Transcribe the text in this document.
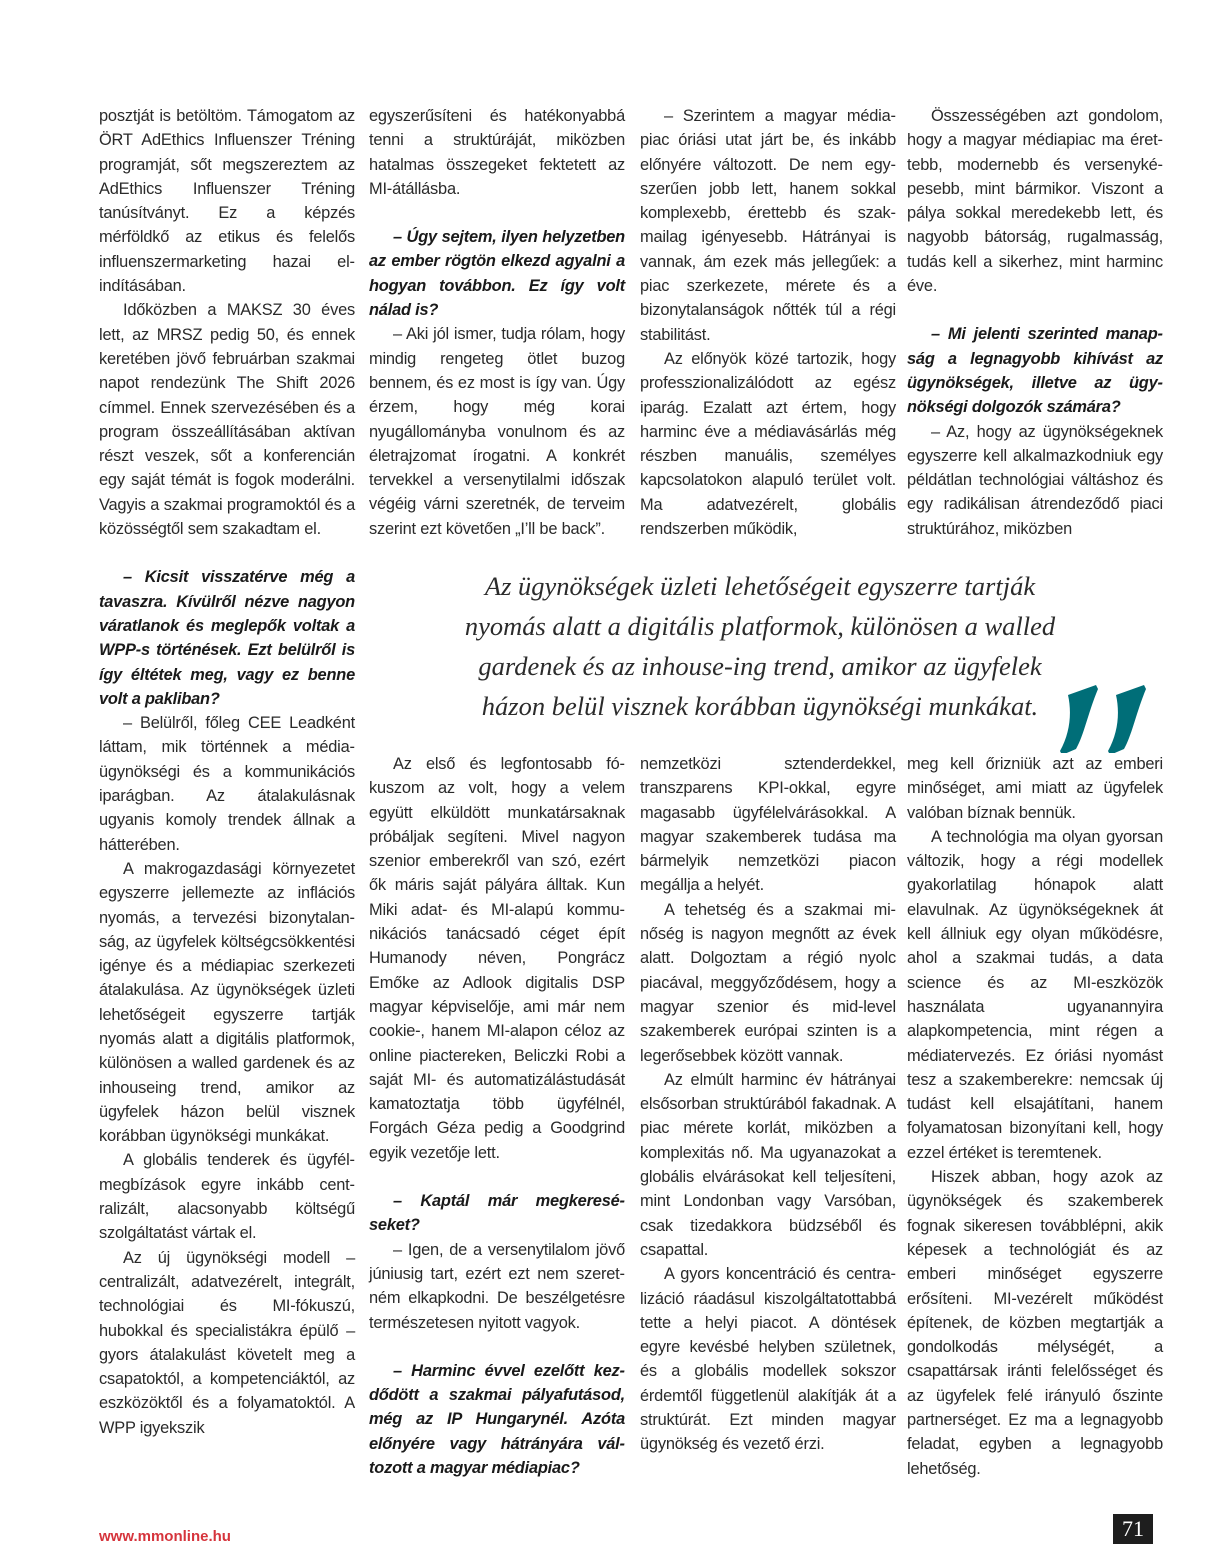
posztját is betöltöm. Támogatom az ÖRT AdEthics Influenszer Tréning programját, sőt megszereztem az AdEthics Influenszer Tréning tanúsítványt. Ez a képzés mérföldkő az etikus és felelős influenszermarketing hazai elindításában.

Időközben a MAKSZ 30 éves lett, az MRSZ pedig 50, és ennek keretében jövő februárban szakmai napot rendezünk The Shift 2026 címmel. Ennek szervezésében és a program összeállításában aktívan részt veszek, sőt a konferencián egy saját témát is fogok moderálni. Vagyis a szakmai programoktól és a közösségtől sem szakadtam el.

– Kicsit visszatérve még a tavaszra. Kívülről nézve nagyon váratlanok és meglepők voltak a WPP-s történések. Ezt belülről is így éltétek meg, vagy ez benne volt a pakliban?

– Belülről, főleg CEE Leadként láttam, mik történnek a médiaügynökségi és a kommunikációs iparágban. Az átalakulásnak ugyanis komoly trendek állnak a hátterében.

A makrogazdasági környezetet egyszerre jellemezte az inflációs nyomás, a tervezési bizonytalanság, az ügyfelek költségcsökkentési igénye és a médiapiac szerkezeti átalakulása. Az ügynökségek üzleti lehetőségeit egyszerre tartják nyomás alatt a digitális platformok, különösen a walled gardenek és az inhouseing trend, amikor az ügyfelek házon belül visznek korábban ügynökségi munkákat.

A globális tenderek és ügyfélmegbízások egyre inkább centralizált, alacsonyabb költségű szolgáltatást vártak el.

Az új ügynökségi modell – centralizált, adatvezérelt, integrált, technológiai és MI-fókuszú, hubokkal és specialistákra épülő – gyors átalakulást követelt meg a csapatoktól, a kompetenciáktól, az eszközöktől és a folyamatoktól. A WPP igyekszik

egyszerűsíteni és hatékonyabbá tenni a struktúráját, miközben hatalmas összegeket fektetett az MI-átállásba.

– Úgy sejtem, ilyen helyzetben az ember rögtön elkezd agyalni a hogyan továbbon. Ez így volt nálad is?

– Aki jól ismer, tudja rólam, hogy mindig rengeteg ötlet buzog bennem, és ez most is így van. Úgy érzem, hogy még korai nyugállományba vonulnom és az életrajzomat írogatni. A konkrét tervekkel a versenytilalmi időszak végéig várni szeretnék, de terveim szerint ezt követően „I’ll be back”.

– Szerintem a magyar médiapiac óriási utat járt be, és inkább előnyére változott. De nem egyszerűen jobb lett, hanem sokkal komplexebb, érettebb és szakmailag igényesebb. Hátrányai is vannak, ám ezek más jellegűek: a piac szerkezete, mérete és a bizonytalanságok nőtték túl a régi stabilitást.

Az előnyök közé tartozik, hogy professzionalizálódott az egész iparág. Ezalatt azt értem, hogy harminc éve a médiavásárlás még részben manuális, személyes kapcsolatokon alapuló terület volt. Ma adatvezérelt, globális rendszerben működik,

Összességében azt gondolom, hogy a magyar médiapiac ma érettebb, modernebb és versenyképesebb, mint bármikor. Viszont a pálya sokkal meredekebb lett, és nagyobb bátorság, rugalmasság, tudás kell a sikerhez, mint harminc éve.

– Mi jelenti szerinted manapság a legnagyobb kihívást az ügynökségek, illetve az ügynökségi dolgozók számára?

– Az, hogy az ügynökségeknek egyszerre kell alkalmazkodniuk egy példátlan technológiai váltáshoz és egy radikálisan átrendeződő piaci struktúrához, miközben

Az ügynökségek üzleti lehetőségeit egyszerre tartják
nyomás alatt a digitális platformok, különösen a walled
gardenek és az inhouse-ing trend, amikor az ügyfelek
házon belül visznek korábban ügynökségi munkákat.

Az első és legfontosabb fókuszom az volt, hogy a velem együtt elküldött munkatársaknak próbáljak segíteni. Mivel nagyon szenior emberekről van szó, ezért ők máris saját pályára álltak. Kun Miki adat- és MI-alapú kommunikációs tanácsadó céget épít Humanody néven, Pongrácz Emőke az Adlook digitalis DSP magyar képviselője, ami már nem cookie-, hanem MI-alapon céloz az online piactereken, Beliczki Robi a saját MI- és automatizálástudását kamatoztatja több ügyfélnél, Forgách Géza pedig a Goodgrind egyik vezetője lett.

– Kaptál már megkereséseket?

– Igen, de a versenytilalom jövő júniusig tart, ezért ezt nem szeretném elkapkodni. De beszélgetésre természetesen nyitott vagyok.

– Harminc évvel ezelőtt kezdődött a szakmai pályafutásod, még az IP Hungarynél. Azóta előnyére vagy hátrányára változott a magyar médiapiac?

nemzetközi sztenderdekkel, transzparens KPI-okkal, egyre magasabb ügyfélelvárásokkal. A magyar szakemberek tudása ma bármelyik nemzetközi piacon megállja a helyét.

A tehetség és a szakmai minőség is nagyon megnőtt az évek alatt. Dolgoztam a régió nyolc piacával, meggyőződésem, hogy a magyar szenior és mid-level szakemberek európai szinten is a legerősebbek között vannak.

Az elmúlt harminc év hátrányai elsősorban struktúrából fakadnak. A piac mérete korlát, miközben a komplexitás nő. Ma ugyanazokat a globális elvárásokat kell teljesíteni, mint Londonban vagy Varsóban, csak tizedakkora büdzséből és csapattal.

A gyors koncentráció és centralizáció ráadásul kiszolgáltatottabbá tette a helyi piacot. A döntések egyre kevésbé helyben születnek, és a globális modellek sokszor érdemtől függetlenül alakítják át a struktúrát. Ezt minden magyar ügynökség és vezető érzi.

meg kell őrizniük azt az emberi minőséget, ami miatt az ügyfelek valóban bíznak bennük.

A technológia ma olyan gyorsan változik, hogy a régi modellek gyakorlatilag hónapok alatt elavulnak. Az ügynökségeknek át kell állniuk egy olyan működésre, ahol a szakmai tudás, a data science és az MI-eszközök használata ugyanannyira alapkompetencia, mint régen a médiatervezés. Ez óriási nyomást tesz a szakemberekre: nemcsak új tudást kell elsajátítani, hanem folyamatosan bizonyítani kell, hogy ezzel értéket is teremtenek.

Hiszek abban, hogy azok az ügynökségek és szakemberek fognak sikeresen továbblépni, akik képesek a technológiát és az emberi minőséget egyszerre erősíteni. MI-vezérelt működést építenek, de közben megtartják a gondolkodás mélységét, a csapattársak iránti felelősséget és az ügyfelek felé irányuló őszinte partnerséget. Ez ma a legnagyobb feladat, egyben a legnagyobb lehetőség.

www.mmonline.hu	71
